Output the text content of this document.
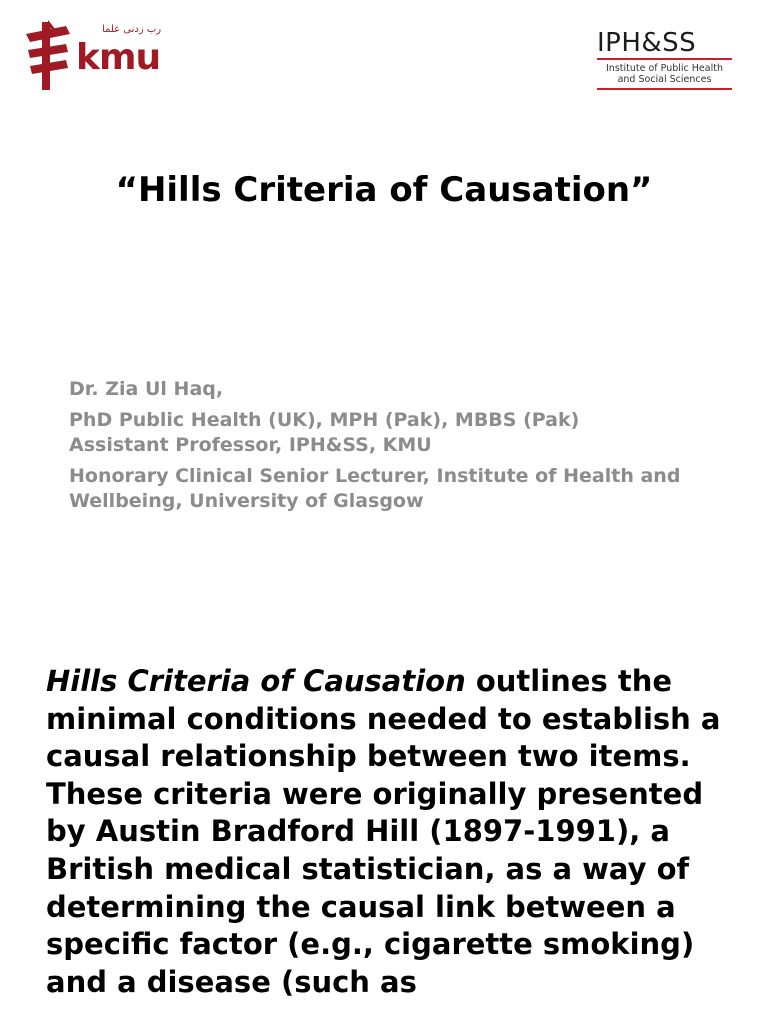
رب زدنی علما
kmu	IPH&SS
Institute of Public Health
and Social Sciences
“Hills Criteria of Causation”

Dr. Zia Ul Haq,

PhD Public Health (UK), MPH (Pak), MBBS (Pak)

Assistant Professor, IPH&SS, KMU

Honorary Clinical Senior Lecturer, Institute of Health and Wellbeing, University of Glasgow

Hills Criteria of Causation outlines the minimal conditions needed to establish a causal relationship between two items. These criteria were originally presented by Austin Bradford Hill (1897-1991), a British medical statistician, as a way of determining the causal link between a specific factor (e.g., cigarette smoking) and a disease (such as
